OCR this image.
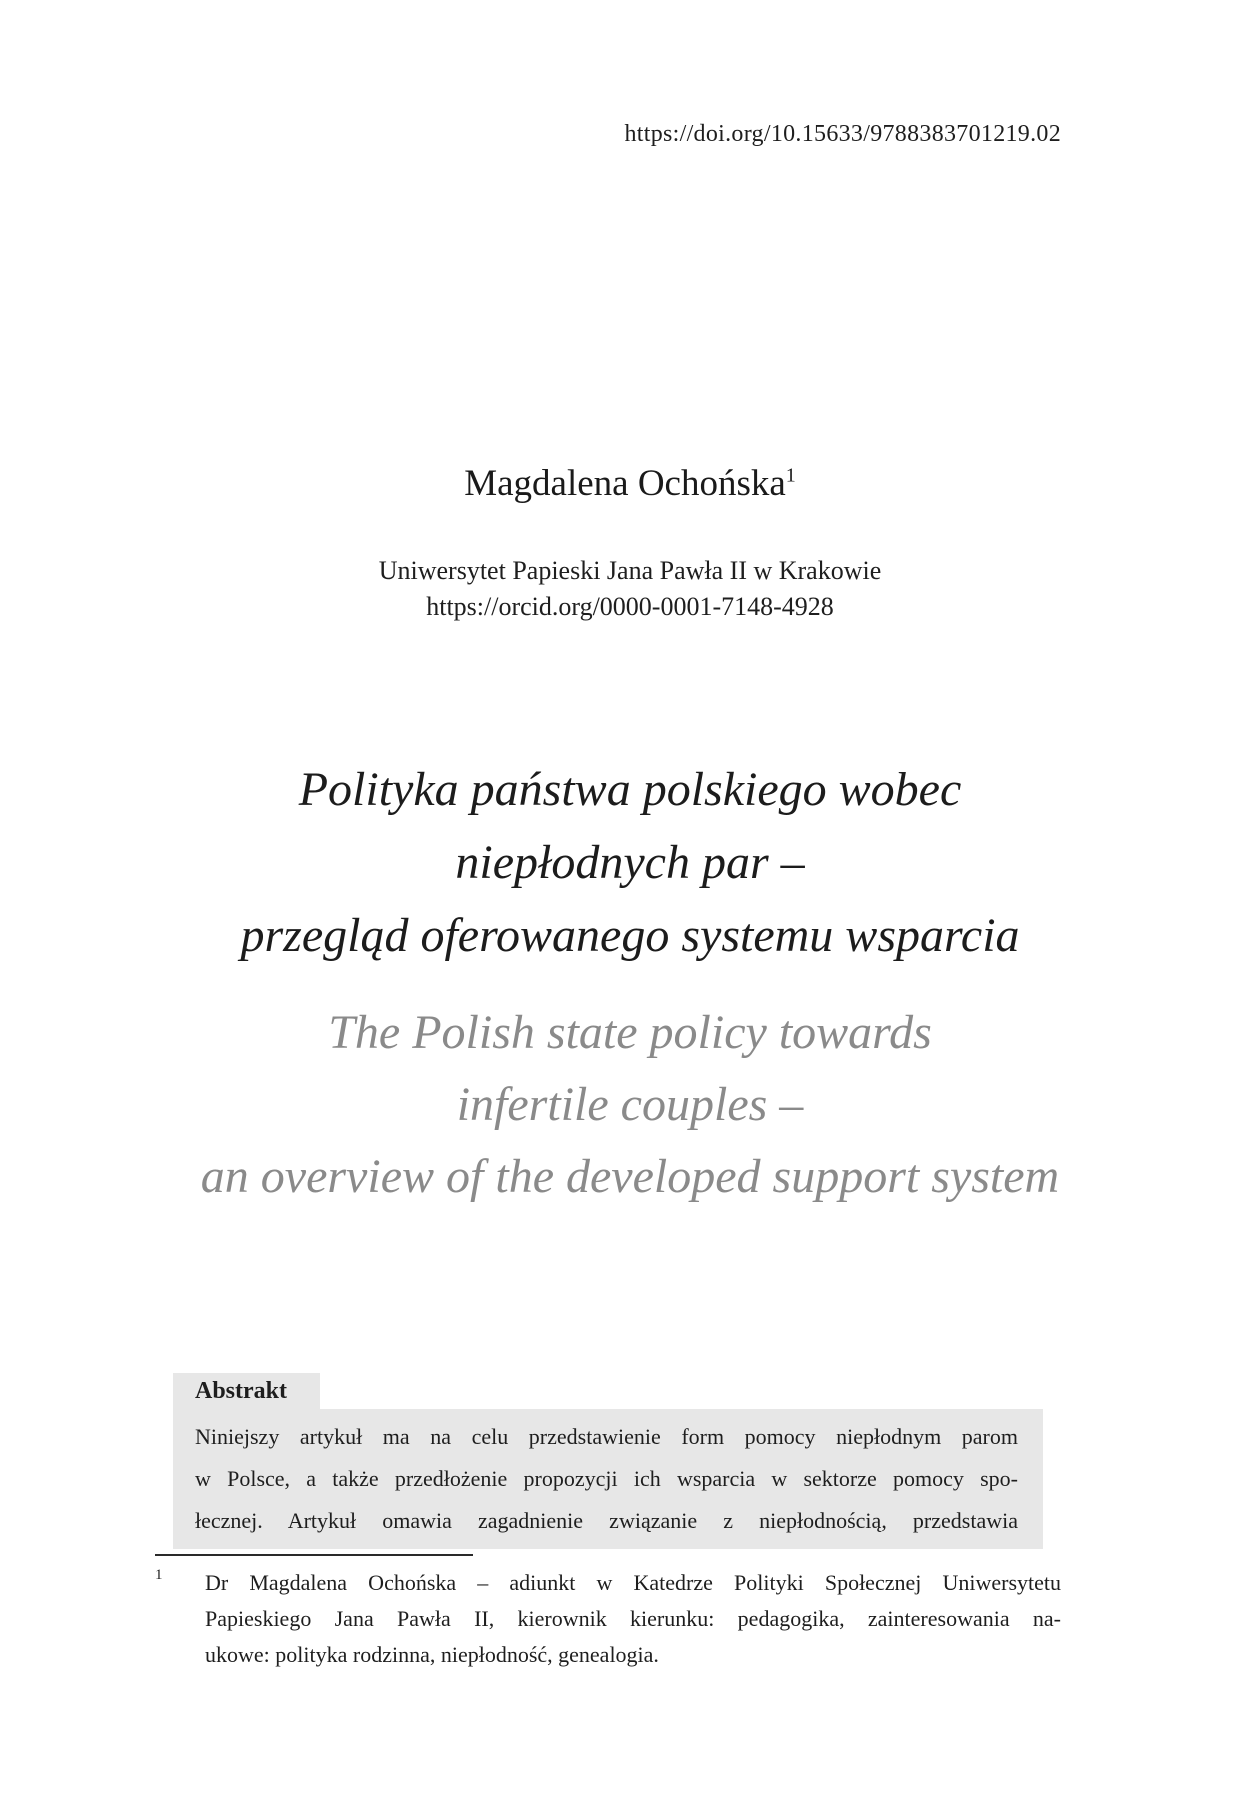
https://doi.org/10.15633/9788383701219.02
Magdalena Ochońska$^1$
Uniwersytet Papieski Jana Pawła II w Krakowie
https://orcid.org/0000-0001-7148-4928
Polityka państwa polskiego wobec
niepłodnych par –
przegląd oferowanego systemu wsparcia
The Polish state policy towards
infertile couples –
an overview of the developed support system
Abstrakt
Niniejszy artykuł ma na celu przedstawienie form pomocy niepłodnym parom
w Polsce, a także przedłożenie propozycji ich wsparcia w sektorze pomocy spo-
łecznej. Artykuł omawia zagadnienie związanie z niepłodnością, przedstawia
1	Dr Magdalena Ochońska – adiunkt w Katedrze Polityki Społecznej Uniwersytetu
Papieskiego Jana Pawła II, kierownik kierunku: pedagogika, zainteresowania na-
ukowe: polityka rodzinna, niepłodność, genealogia.
